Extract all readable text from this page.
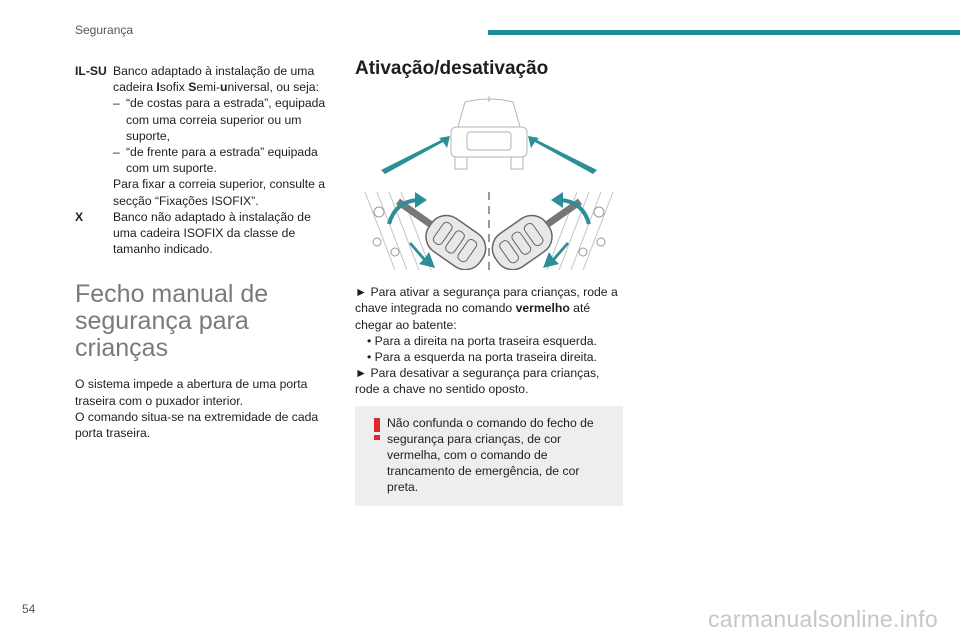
Segurança
IL-SU Banco adaptado à instalação de uma cadeira Isofix Semi-universal, ou seja:
– “de costas para a estrada”, equipada com uma correia superior ou um suporte,
– “de frente para a estrada” equipada com um suporte.
Para fixar a correia superior, consulte a secção “Fixações ISOFIX”.
X	Banco não adaptado à instalação de uma cadeira ISOFIX da classe de tamanho indicado.
Fecho manual de segurança para crianças

O sistema impede a abertura de uma porta traseira com o puxador interior.

O comando situa-se na extremidade de cada porta traseira.

Ativação/desativação

► Para ativar a segurança para crianças, rode a chave integrada no comando vermelho até chegar ao batente:

• Para a direita na porta traseira esquerda.
• Para a esquerda na porta traseira direita.

► Para desativar a segurança para crianças, rode a chave no sentido oposto.

Não confunda o comando do fecho de segurança para crianças, de cor vermelha, com o comando de trancamento de emergência, de cor preta.
54	carmanualsonline.info
